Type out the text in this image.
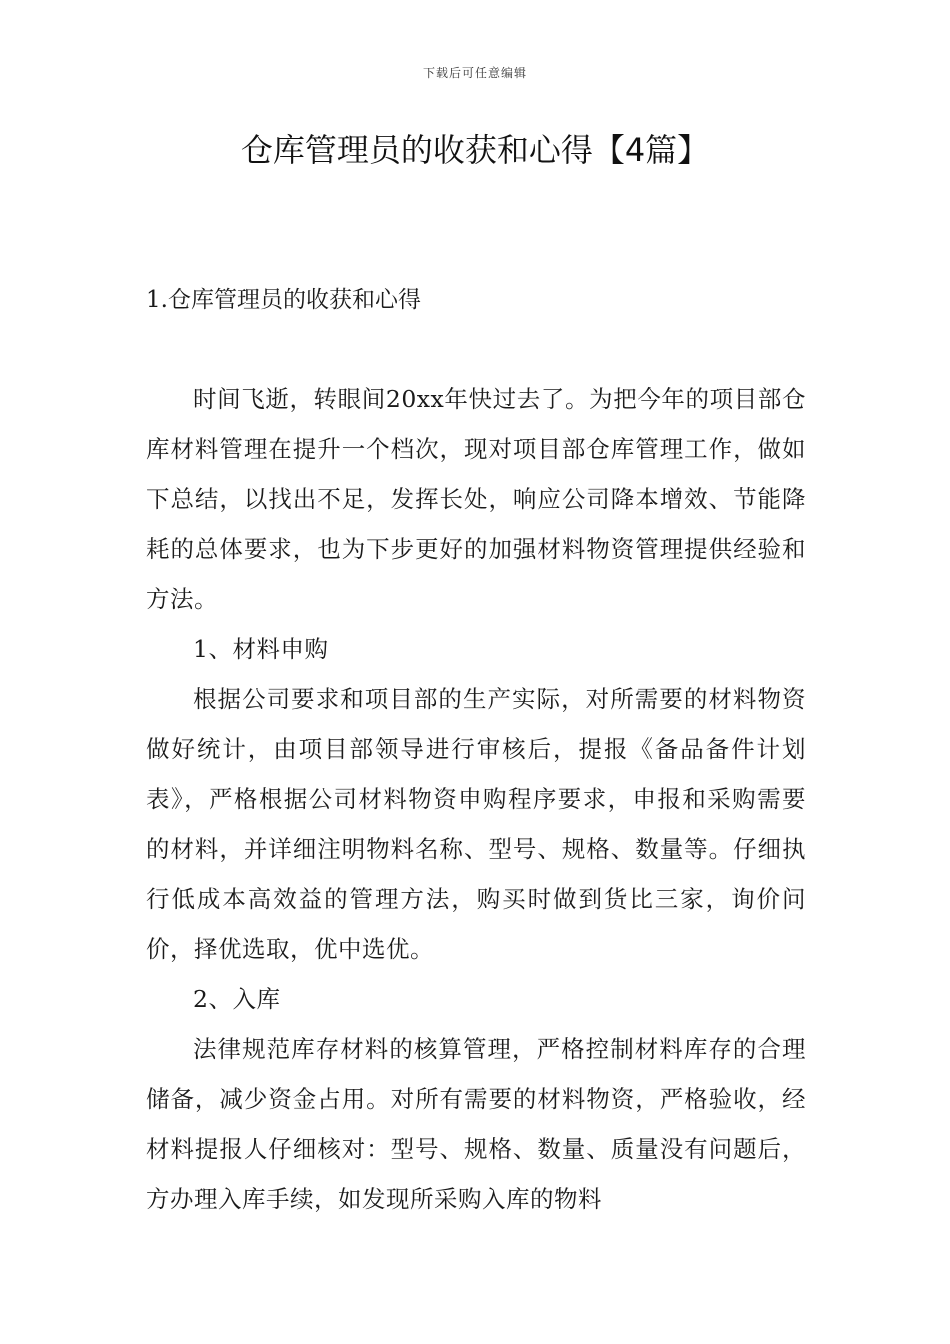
下载后可任意编辑
仓库管理员的收获和心得【4篇】
1.仓库管理员的收获和心得

时间飞逝，转眼间20xx年快过去了。为把今年的项目部仓库材料管理在提升一个档次，现对项目部仓库管理工作，做如下总结，以找出不足，发挥长处，响应公司降本增效、节能降耗的总体要求，也为下步更好的加强材料物资管理提供经验和方法。

1、材料申购

根据公司要求和项目部的生产实际，对所需要的材料物资做好统计，由项目部领导进行审核后，提报《备品备件计划表》，严格根据公司材料物资申购程序要求，申报和采购需要的材料，并详细注明物料名称、型号、规格、数量等。仔细执行低成本高效益的管理方法，购买时做到货比三家，询价问价，择优选取，优中选优。

2、入库

法律规范库存材料的核算管理，严格控制材料库存的合理储备，减少资金占用。对所有需要的材料物资，严格验收，经材料提报人仔细核对：型号、规格、数量、质量没有问题后，方办理入库手续，如发现所采购入库的物料
